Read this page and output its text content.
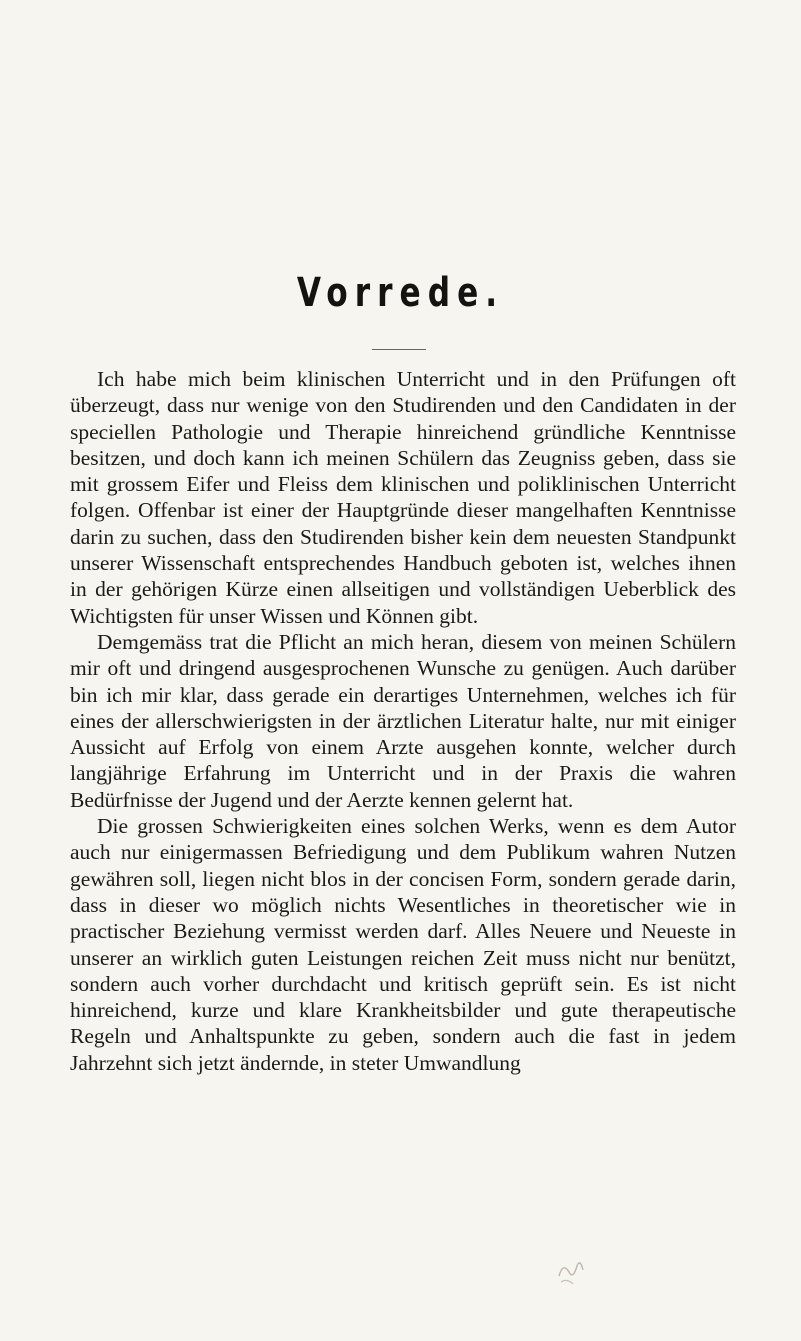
Vorrede.

Ich habe mich beim klinischen Unterricht und in den Prüfungen oft überzeugt, dass nur wenige von den Studirenden und den Candidaten in der speciellen Pathologie und Therapie hinreichend gründliche Kenntnisse besitzen, und doch kann ich meinen Schülern das Zeugniss geben, dass sie mit grossem Eifer und Fleiss dem klinischen und poliklinischen Unterricht folgen. Offenbar ist einer der Hauptgründe dieser mangelhaften Kenntnisse darin zu suchen, dass den Studirenden bisher kein dem neuesten Standpunkt unserer Wissenschaft entsprechendes Handbuch geboten ist, welches ihnen in der gehörigen Kürze einen allseitigen und vollständigen Ueberblick des Wichtigsten für unser Wissen und Können gibt.

Demgemäss trat die Pflicht an mich heran, diesem von meinen Schülern mir oft und dringend ausgesprochenen Wunsche zu genügen. Auch darüber bin ich mir klar, dass gerade ein derartiges Unternehmen, welches ich für eines der allerschwierigsten in der ärztlichen Literatur halte, nur mit einiger Aussicht auf Erfolg von einem Arzte ausgehen konnte, welcher durch langjährige Erfahrung im Unterricht und in der Praxis die wahren Bedürfnisse der Jugend und der Aerzte kennen gelernt hat.

Die grossen Schwierigkeiten eines solchen Werks, wenn es dem Autor auch nur einigermassen Befriedigung und dem Publikum wahren Nutzen gewähren soll, liegen nicht blos in der concisen Form, sondern gerade darin, dass in dieser wo möglich nichts Wesentliches in theoretischer wie in practischer Beziehung vermisst werden darf. Alles Neuere und Neueste in unserer an wirklich guten Leistungen reichen Zeit muss nicht nur benützt, sondern auch vorher durchdacht und kritisch geprüft sein. Es ist nicht hinreichend, kurze und klare Krankheitsbilder und gute therapeutische Regeln und Anhaltspunkte zu geben, sondern auch die fast in jedem Jahrzehnt sich jetzt ändernde, in steter Umwandlung
